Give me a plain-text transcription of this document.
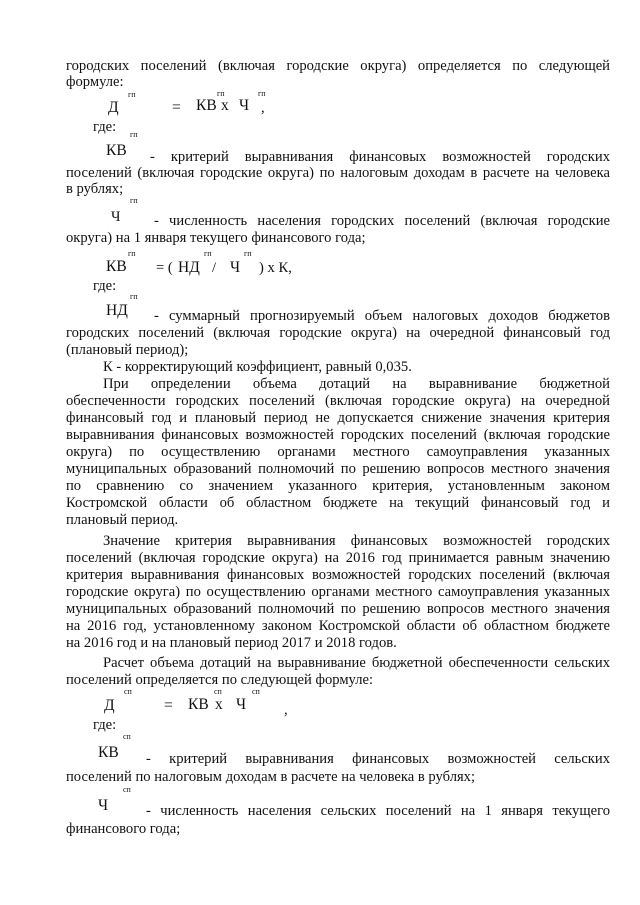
городских поселений (включая городские округа) определяется по следующей
формуле:
Д
гп
= КВ
гп
х Ч
гп
,
где: гп
КВ - критерий выравнивания финансовых возможностей городских
поселений (включая городские округа) по налоговым доходам в расчете на человека
в рублях;
гп
Ч - численность населения городских поселений (включая городские
округа) на 1 января текущего финансового года;
КВ
гп
= ( НД
гп
/ Ч
гп
) х К,
где:
гп
НД - суммарный прогнозируемый объем налоговых доходов бюджетов
городских поселений (включая городские округа) на очередной финансовый год
(плановый период);
К - корректирующий коэффициент, равный 0,035.
При определении объема дотаций на выравнивание бюджетной
обеспеченности городских поселений (включая городские округа) на очередной
финансовый год и плановый период не допускается снижение значения критерия
выравнивания финансовых возможностей городских поселений (включая городские
округа) по осуществлению органами местного самоуправления указанных
муниципальных образований полномочий по решению вопросов местного значения
по сравнению со значением указанного критерия, установленным законом
Костромской области об областном бюджете на текущий финансовый год и
плановый период.
Значение критерия выравнивания финансовых возможностей городских
поселений (включая городские округа) на 2016 год принимается равным значению
критерия выравнивания финансовых возможностей городских поселений (включая
городские округа) по осуществлению органами местного самоуправления указанных
муниципальных образований полномочий по решению вопросов местного значения
на 2016 год, установленному законом Костромской области об областном бюджете
на 2016 год и на плановый период 2017 и 2018 годов.
Расчет объема дотаций на выравнивание бюджетной обеспеченности сельских
поселений определяется по следующей формуле:
Д
сп
= КВ
сп
х Ч
сп
,
где:
сп
КВ - критерий выравнивания финансовых возможностей сельских
поселений по налоговым доходам в расчете на человека в рублях;
сп
Ч	- численность населения сельских поселений на 1 января текущего
финансового года;
